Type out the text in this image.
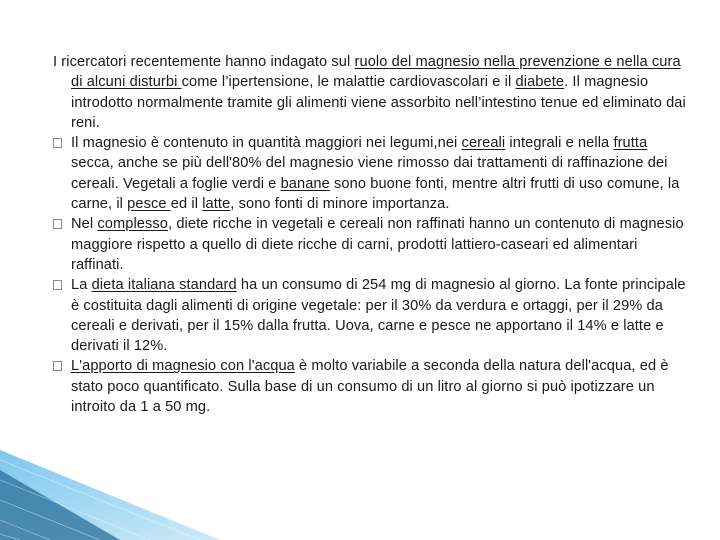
I ricercatori recentemente hanno indagato sul ruolo del magnesio nella prevenzione e nella cura di alcuni disturbi come l’ipertensione, le malattie cardiovascolari e il diabete. Il magnesio introdotto normalmente tramite gli alimenti viene assorbito nell’intestino tenue ed eliminato dai reni.

Il magnesio è contenuto in quantità maggiori nei legumi,nei cereali integrali e nella frutta secca, anche se più dell'80% del magnesio viene rimosso dai trattamenti di raffinazione dei cereali. Vegetali a foglie verdi e banane sono buone fonti, mentre altri frutti di uso comune, la carne, il pesce ed il latte, sono fonti di minore importanza.

Nel complesso, diete ricche in vegetali e cereali non raffinati hanno un contenuto di magnesio maggiore rispetto a quello di diete ricche di carni, prodotti lattiero-caseari ed alimentari raffinati.

La dieta italiana standard ha un consumo di 254 mg di magnesio al giorno. La fonte principale è costituita dagli alimenti di origine vegetale: per il 30% da verdura e ortaggi, per il 29% da cereali e derivati, per il 15% dalla frutta. Uova, carne e pesce ne apportano il 14% e latte e derivati il 12%.

L'apporto di magnesio con l'acqua è molto variabile a seconda della natura dell'acqua, ed è stato poco quantificato. Sulla base di un consumo di un litro al giorno si può ipotizzare un introito da 1 a 50 mg.
